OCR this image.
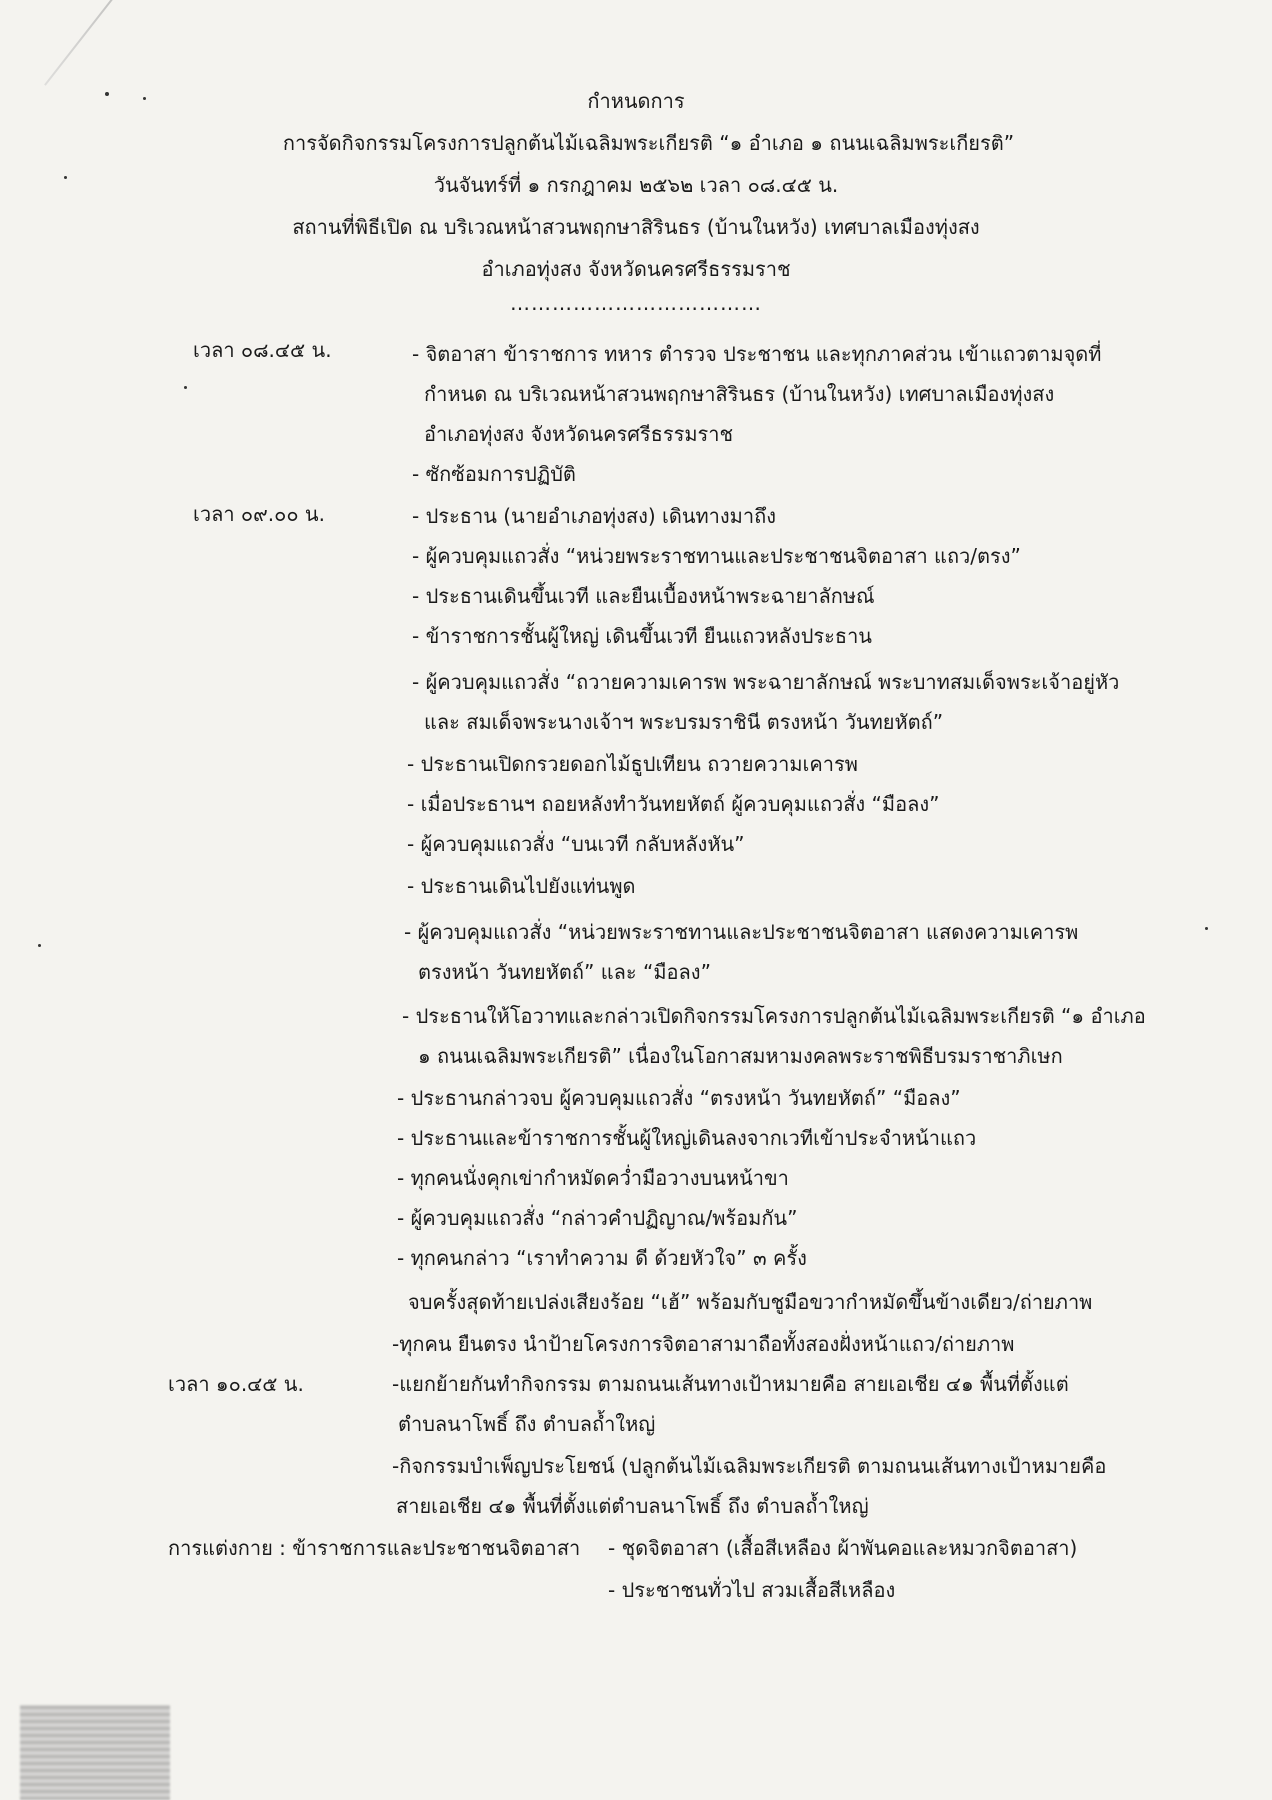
กำหนดการ
การจัดกิจกรรมโครงการปลูกต้นไม้เฉลิมพระเกียรติ “๑ อำเภอ ๑ ถนนเฉลิมพระเกียรติ”
วันจันทร์ที่ ๑ กรกฎาคม ๒๕๖๒ เวลา ๐๘.๔๕ น.
สถานที่พิธีเปิด ณ บริเวณหน้าสวนพฤกษาสิรินธร (บ้านในหวัง) เทศบาลเมืองทุ่งสง
อำเภอทุ่งสง จังหวัดนครศรีธรรมราช
………………………………
เวลา ๐๘.๔๕ น.
เวลา ๐๙.๐๐ น.
เวลา ๑๐.๔๕ น.
- จิตอาสา ข้าราชการ ทหาร ตำรวจ ประชาชน และทุกภาคส่วน เข้าแถวตามจุดที่
กำหนด ณ บริเวณหน้าสวนพฤกษาสิรินธร (บ้านในหวัง) เทศบาลเมืองทุ่งสง
อำเภอทุ่งสง จังหวัดนครศรีธรรมราช
- ซักซ้อมการปฏิบัติ
- ประธาน (นายอำเภอทุ่งสง) เดินทางมาถึง
- ผู้ควบคุมแถวสั่ง “หน่วยพระราชทานและประชาชนจิตอาสา แถว/ตรง”
- ประธานเดินขึ้นเวที และยืนเบื้องหน้าพระฉายาลักษณ์
- ข้าราชการชั้นผู้ใหญ่ เดินขึ้นเวที ยืนแถวหลังประธาน
- ผู้ควบคุมแถวสั่ง “ถวายความเคารพ พระฉายาลักษณ์ พระบาทสมเด็จพระเจ้าอยู่หัว
และ สมเด็จพระนางเจ้าฯ พระบรมราชินี ตรงหน้า วันทยหัตถ์”
- ประธานเปิดกรวยดอกไม้ธูปเทียน ถวายความเคารพ
- เมื่อประธานฯ ถอยหลังทำวันทยหัตถ์ ผู้ควบคุมแถวสั่ง “มือลง”
- ผู้ควบคุมแถวสั่ง “บนเวที กลับหลังหัน”
- ประธานเดินไปยังแท่นพูด
- ผู้ควบคุมแถวสั่ง “หน่วยพระราชทานและประชาชนจิตอาสา แสดงความเคารพ
ตรงหน้า วันทยหัตถ์” และ “มือลง”
- ประธานให้โอวาทและกล่าวเปิดกิจกรรมโครงการปลูกต้นไม้เฉลิมพระเกียรติ “๑ อำเภอ
๑ ถนนเฉลิมพระเกียรติ” เนื่องในโอกาสมหามงคลพระราชพิธีบรมราชาภิเษก
- ประธานกล่าวจบ ผู้ควบคุมแถวสั่ง “ตรงหน้า วันทยหัตถ์” “มือลง”
- ประธานและข้าราชการชั้นผู้ใหญ่เดินลงจากเวทีเข้าประจำหน้าแถว
- ทุกคนนั่งคุกเข่ากำหมัดคว่ำมือวางบนหน้าขา
- ผู้ควบคุมแถวสั่ง “กล่าวคำปฏิญาณ/พร้อมกัน”
- ทุกคนกล่าว “เราทำความ ดี ด้วยหัวใจ” ๓ ครั้ง
จบครั้งสุดท้ายเปล่งเสียงร้อย “เฮ้” พร้อมกับชูมือขวากำหมัดขึ้นข้างเดียว/ถ่ายภาพ
-ทุกคน ยืนตรง นำป้ายโครงการจิตอาสามาถือทั้งสองฝั่งหน้าแถว/ถ่ายภาพ
-แยกย้ายกันทำกิจกรรม ตามถนนเส้นทางเป้าหมายคือ สายเอเชีย ๔๑ พื้นที่ตั้งแต่
ตำบลนาโพธิ์ ถึง ตำบลถ้ำใหญ่
-กิจกรรมบำเพ็ญประโยชน์ (ปลูกต้นไม้เฉลิมพระเกียรติ ตามถนนเส้นทางเป้าหมายคือ
สายเอเชีย ๔๑ พื้นที่ตั้งแต่ตำบลนาโพธิ์ ถึง ตำบลถ้ำใหญ่
การแต่งกาย : ข้าราชการและประชาชนจิตอาสา - ชุดจิตอาสา (เสื้อสีเหลือง ผ้าพันคอและหมวกจิตอาสา)
- ประชาชนทั่วไป สวมเสื้อสีเหลือง
